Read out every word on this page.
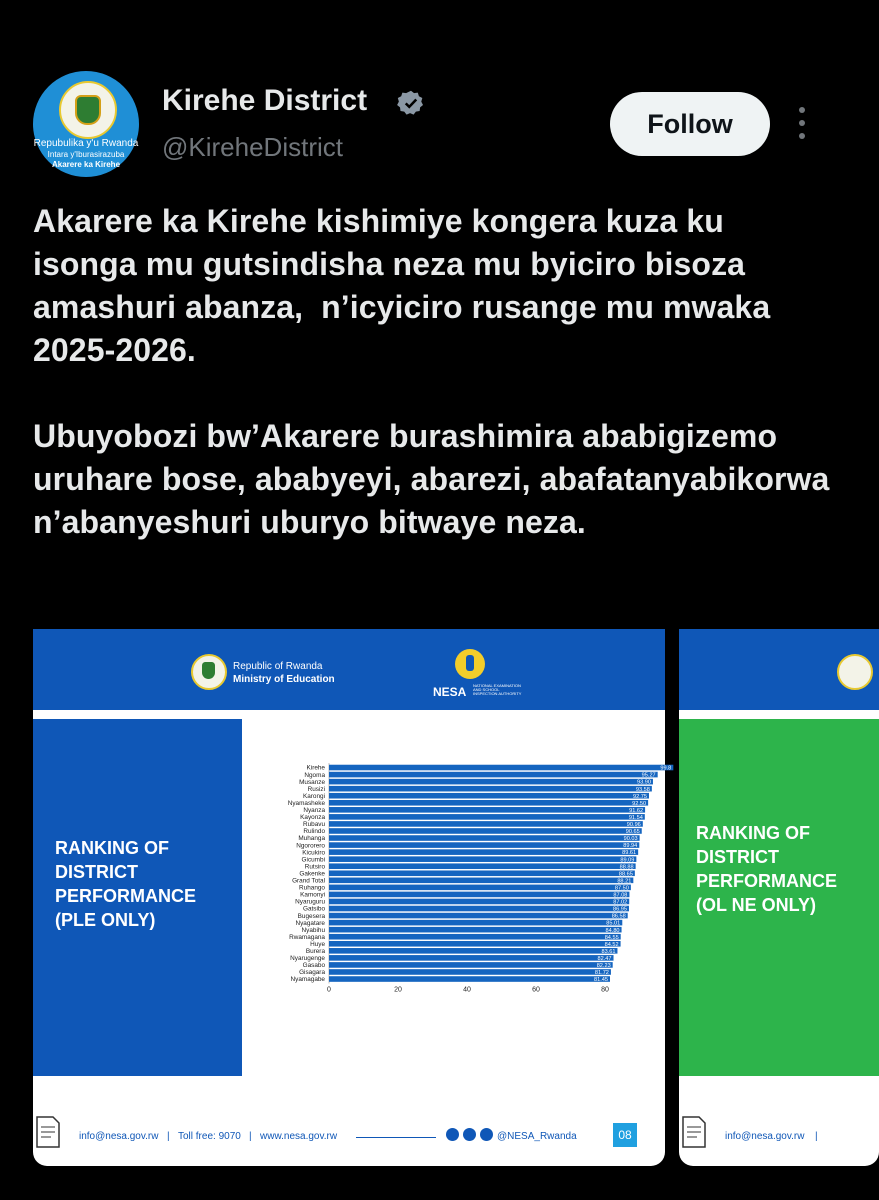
Repubulika y'u Rwanda
Intara y'Iburasirazuba
Akarere ka Kirehe
Kirehe District
@KireheDistrict
Follow
Akarere ka Kirehe kishimiye kongera kuza ku isonga mu gutsindisha neza mu byiciro bisoza amashuri abanza,  n’icyiciro rusange mu mwaka 2025-2026.

Ubuyobozi bw’Akarere burashimira ababigizemo uruhare bose, ababyeyi, abarezi, abafatanyabikorwa n’abanyeshuri uburyo bitwaye neza.
Republic of Rwanda
Ministry of Education
NESA NATIONAL EXAMINATION AND SCHOOL INSPECTION AUTHORITY
RANKING OF
DISTRICT
PERFORMANCE
(PLE ONLY)
Kirehe	99.8
Ngoma	95.27
Musanze	93.90
Rusizi	93.58
Karongi	92.75
Nyamasheke	92.50
Nyanza	91.62
Kayonza	91.54
Rubavu	90.96
Rulindo	90.65
Muhanga	90.03
Ngororero	89.94
Kicukiro	89.61
Gicumbi	89.09
Rutsiro	88.88
Gakenke	88.65
Grand Total	88.21
Ruhango	87.50
Kamonyi	87.08
Nyaruguru	87.02
Gatsibo	86.95
Bugesera	86.58
Nyagatare	85.01
Nyabihu	84.80
Rwamagana	84.55
Huye	84.52
Burera	83.61
Nyarugenge	82.47
Gasabo	82.23
Gisagara	81.72
Nyamagabe	81.45
0	20	40	60	80
info@nesa.gov.rw | Toll free: 9070 | www.nesa.gov.rw	@NESA_Rwanda	08
RANKING OF
DISTRICT
PERFORMANCE
(OL NE ONLY)
info@nesa.gov.rw |
